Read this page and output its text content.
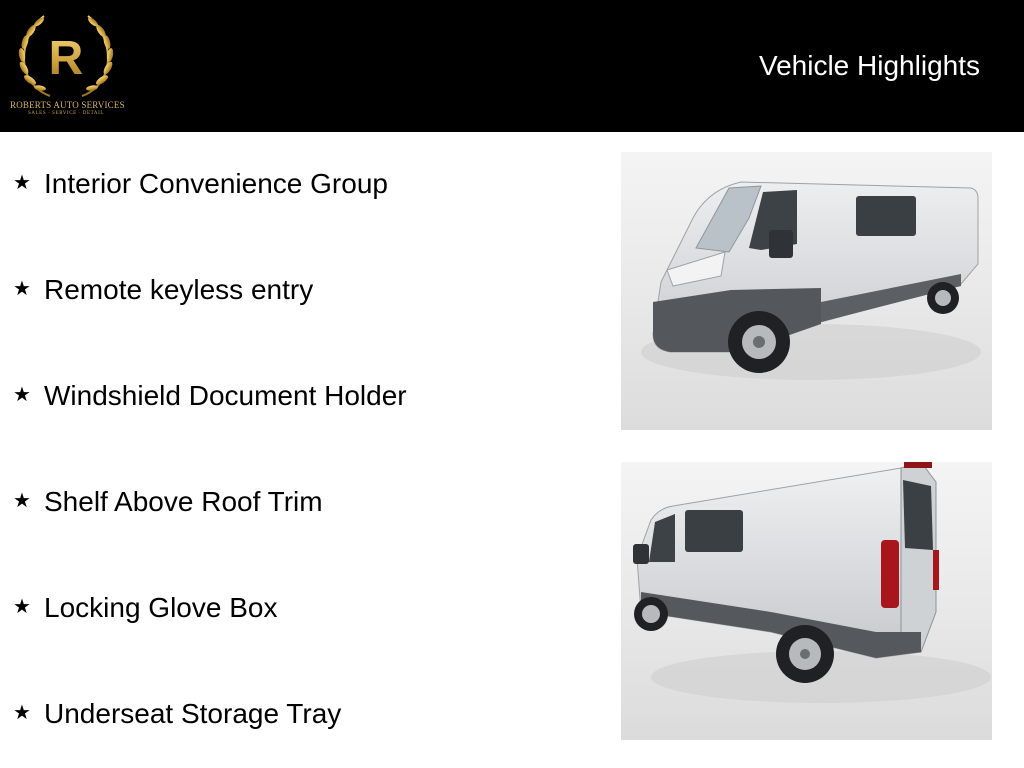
R
ROBERTS AUTO SERVICES
SALES · SERVICE · DETAIL
Vehicle Highlights
★ Interior Convenience Group
★ Remote keyless entry
★ Windshield Document Holder
★ Shelf Above Roof Trim
★ Locking Glove Box
★ Underseat Storage Tray
